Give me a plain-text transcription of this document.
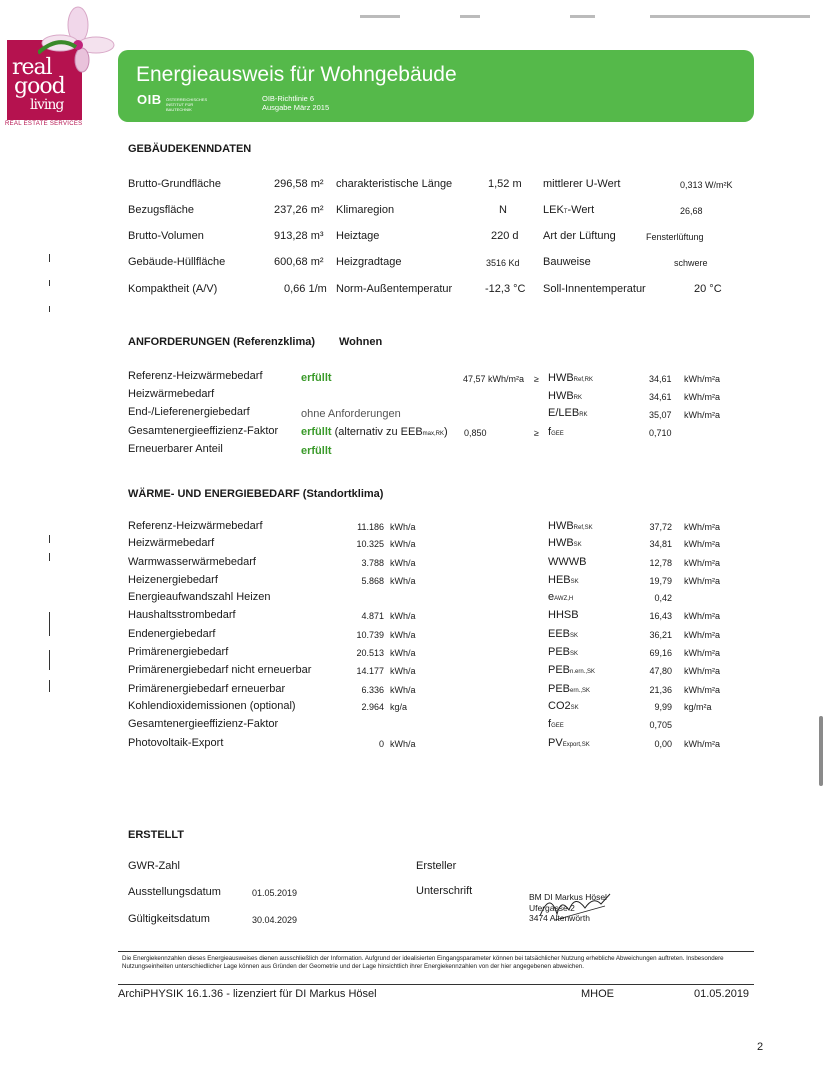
real
good
living
REAL ESTATE SERVICES
Energieausweis für Wohngebäude
OIB ÖSTERREICHISCHES INSTITUT FÜR BAUTECHNIK
OIB-Richtlinie 6
Ausgabe März 2015
GEBÄUDEKENNDATEN
Brutto-Grundfläche	296,58 m² charakteristische Länge	1,52 m mittlerer U-Wert	0,313 W/m²K
Bezugsfläche	237,26 m² Klimaregion	N	LEKT-Wert	26,68
Brutto-Volumen	913,28 m³ Heiztage	220 d Art der Lüftung	Fensterlüftung
Gebäude-Hüllfläche	600,68 m² Heizgradtage	3516 Kd Bauweise	schwere
Kompaktheit (A/V)	0,66 1/m Norm-Außentemperatur	-12,3 °C Soll-Innentemperatur	20 °C
ANFORDERUNGEN (Referenzklima) Wohnen
Referenz-Heizwärmebedarf	erfüllt	47,57 kWh/m²a ≥ HWBRef,RK	34,61 kWh/m²a
Heizwärmebedarf	HWBRK	34,61 kWh/m²a
End-/Lieferenergiebedarf	ohne Anforderungen	E/LEBRK	35,07 kWh/m²a
Gesamtenergieeffizienz-Faktor erfüllt (alternativ zu EEBmax,RK) 0,850	≥ fGEE	0,710
Erneuerbarer Anteil	erfüllt
WÄRME- UND ENERGIEBEDARF (Standortklima)
Referenz-Heizwärmebedarf	11.186 kWh/a	HWBRef,SK	37,72 kWh/m²a
Heizwärmebedarf	10.325 kWh/a	HWBSK	34,81 kWh/m²a
Warmwasserwärmebedarf	3.788 kWh/a	WWWB	12,78 kWh/m²a
Heizenergiebedarf	5.868 kWh/a	HEBSK	19,79 kWh/m²a
Energieaufwandszahl Heizen	eAWZ,H	0,42
Haushaltsstrombedarf	4.871 kWh/a	HHSB	16,43 kWh/m²a
Endenergiebedarf	10.739 kWh/a	EEBSK	36,21 kWh/m²a
Primärenergiebedarf	20.513 kWh/a	PEBSK	69,16 kWh/m²a
Primärenergiebedarf nicht erneuerbar	14.177 kWh/a	PEBn.ern.,SK	47,80 kWh/m²a
Primärenergiebedarf erneuerbar	6.336 kWh/a	PEBern.,SK	21,36 kWh/m²a
Kohlendioxidemissionen (optional)	2.964 kg/a	CO2SK	9,99 kg/m²a
Gesamtenergieeffizienz-Faktor	fGEE	0,705
Photovoltaik-Export	0 kWh/a	PVExport,SK	0,00 kWh/m²a
ERSTELLT
GWR-Zahl
Ausstellungsdatum	01.05.2019
Gültigkeitsdatum	30.04.2029
Ersteller
Unterschrift	BM DI Markus Hösel
Ufergasse 2
3474 Altenwörth
Die Energiekennzahlen dieses Energieausweises dienen ausschließlich der Information. Aufgrund der idealisierten Eingangsparameter können bei tatsächlicher Nutzung erhebliche Abweichungen auftreten. Insbesondere Nutzungseinheiten unterschiedlicher Lage können aus Gründen der Geometrie und der Lage hinsichtlich ihrer Energiekennzahlen von der hier angegebenen abweichen.
ArchiPHYSIK 16.1.36 - lizenziert für DI Markus Hösel	MHOE	01.05.2019
2
